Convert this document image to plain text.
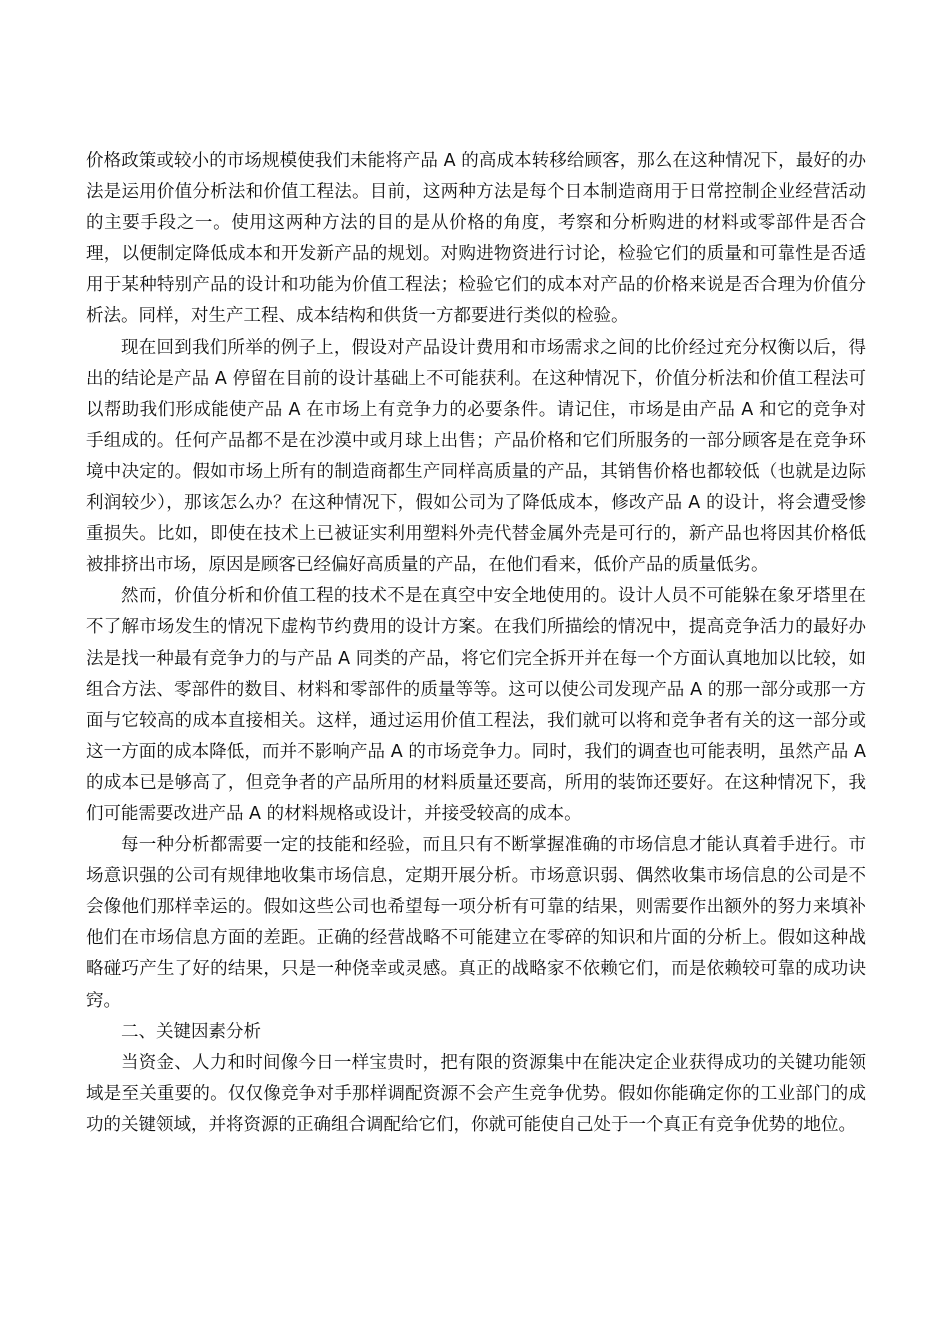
价格政策或较小的市场规模使我们未能将产品 A 的高成本转移给顾客，那么在这种情况下，最好的办法是运用价值分析法和价值工程法。目前，这两种方法是每个日本制造商用于日常控制企业经营活动的主要手段之一。使用这两种方法的目的是从价格的角度，考察和分析购进的材料或零部件是否合理，以便制定降低成本和开发新产品的规划。对购进物资进行讨论，检验它们的质量和可靠性是否适用于某种特别产品的设计和功能为价值工程法；检验它们的成本对产品的价格来说是否合理为价值分析法。同样，对生产工程、成本结构和供货一方都要进行类似的检验。

现在回到我们所举的例子上，假设对产品设计费用和市场需求之间的比价经过充分权衡以后，得出的结论是产品 A 停留在目前的设计基础上不可能获利。在这种情况下，价值分析法和价值工程法可以帮助我们形成能使产品 A 在市场上有竞争力的必要条件。请记住，市场是由产品 A 和它的竞争对手组成的。任何产品都不是在沙漠中或月球上出售；产品价格和它们所服务的一部分顾客是在竞争环境中决定的。假如市场上所有的制造商都生产同样高质量的产品，其销售价格也都较低（也就是边际利润较少），那该怎么办？在这种情况下，假如公司为了降低成本，修改产品 A 的设计，将会遭受惨重损失。比如，即使在技术上已被证实利用塑料外壳代替金属外壳是可行的，新产品也将因其价格低被排挤出市场，原因是顾客已经偏好高质量的产品，在他们看来，低价产品的质量低劣。

然而，价值分析和价值工程的技术不是在真空中安全地使用的。设计人员不可能躲在象牙塔里在不了解市场发生的情况下虚构节约费用的设计方案。在我们所描绘的情况中，提高竞争活力的最好办法是找一种最有竞争力的与产品 A 同类的产品，将它们完全拆开并在每一个方面认真地加以比较，如组合方法、零部件的数目、材料和零部件的质量等等。这可以使公司发现产品 A 的那一部分或那一方面与它较高的成本直接相关。这样，通过运用价值工程法，我们就可以将和竞争者有关的这一部分或这一方面的成本降低，而并不影响产品 A 的市场竞争力。同时，我们的调查也可能表明，虽然产品 A 的成本已是够高了，但竞争者的产品所用的材料质量还要高，所用的装饰还要好。在这种情况下，我们可能需要改进产品 A 的材料规格或设计，并接受较高的成本。

每一种分析都需要一定的技能和经验，而且只有不断掌握准确的市场信息才能认真着手进行。市场意识强的公司有规律地收集市场信息，定期开展分析。市场意识弱、偶然收集市场信息的公司是不会像他们那样幸运的。假如这些公司也希望每一项分析有可靠的结果，则需要作出额外的努力来填补他们在市场信息方面的差距。正确的经营战略不可能建立在零碎的知识和片面的分析上。假如这种战略碰巧产生了好的结果，只是一种侥幸或灵感。真正的战略家不依赖它们，而是依赖较可靠的成功诀窍。

二、关键因素分析

当资金、人力和时间像今日一样宝贵时，把有限的资源集中在能决定企业获得成功的关键功能领域是至关重要的。仅仅像竞争对手那样调配资源不会产生竞争优势。假如你能确定你的工业部门的成功的关键领域，并将资源的正确组合调配给它们，你就可能使自己处于一个真正有竞争优势的地位。
